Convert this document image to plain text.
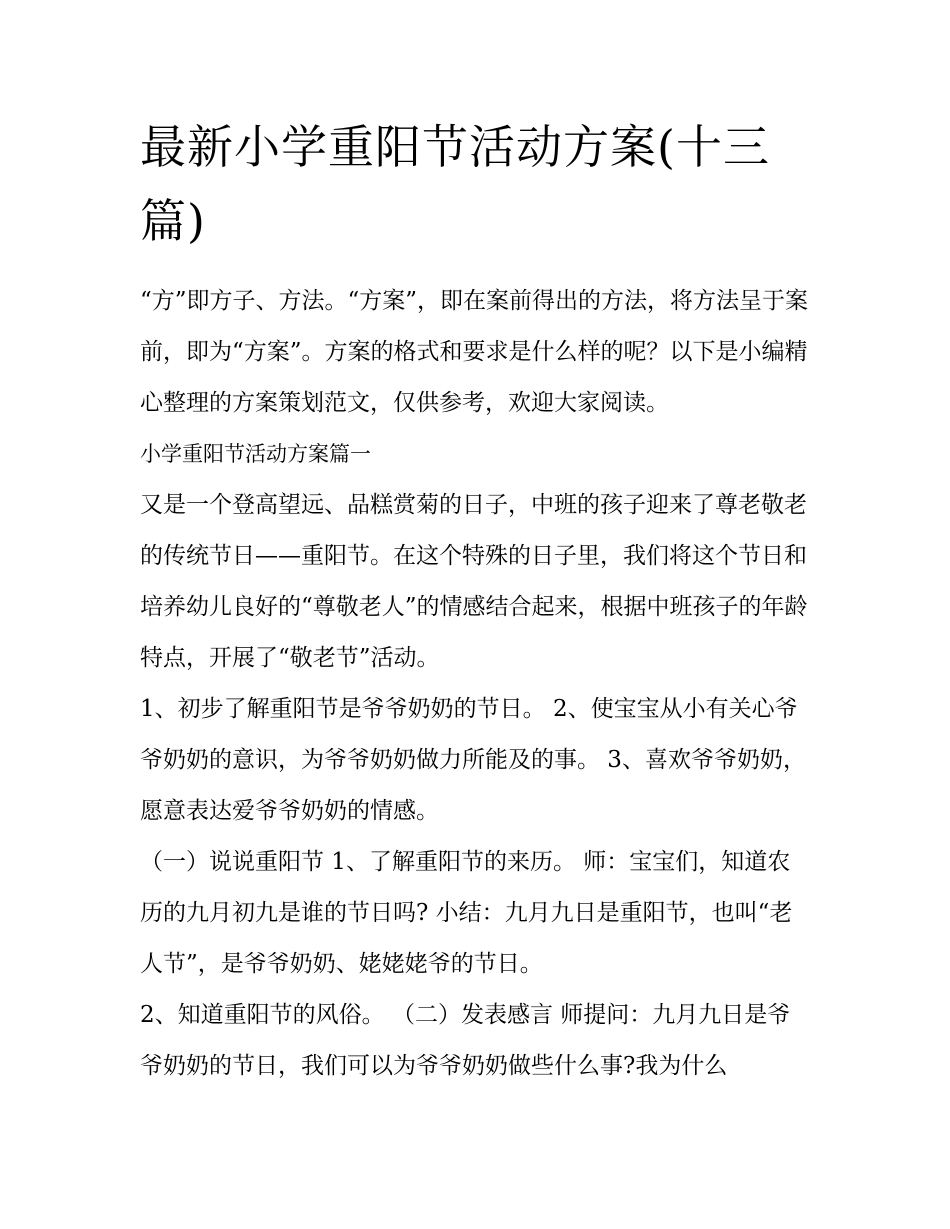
最新小学重阳节活动方案(十三篇)

“方”即方子、方法。“方案”，即在案前得出的方法，将方法呈于案前，即为“方案”。方案的格式和要求是什么样的呢？以下是小编精心整理的方案策划范文，仅供参考，欢迎大家阅读。

小学重阳节活动方案篇一

又是一个登高望远、品糕赏菊的日子，中班的孩子迎来了尊老敬老的传统节日——重阳节。在这个特殊的日子里，我们将这个节日和培养幼儿良好的“尊敬老人”的情感结合起来，根据中班孩子的年龄特点，开展了“敬老节”活动。

1、初步了解重阳节是爷爷奶奶的节日。 2、使宝宝从小有关心爷爷奶奶的意识，为爷爷奶奶做力所能及的事。 3、喜欢爷爷奶奶，愿意表达爱爷爷奶奶的情感。

（一）说说重阳节 1、了解重阳节的来历。 师：宝宝们，知道农历的九月初九是谁的节日吗? 小结：九月九日是重阳节，也叫“老人节”，是爷爷奶奶、姥姥姥爷的节日。

2、知道重阳节的风俗。 （二）发表感言 师提问：九月九日是爷爷奶奶的节日，我们可以为爷爷奶奶做些什么事?我为什么
